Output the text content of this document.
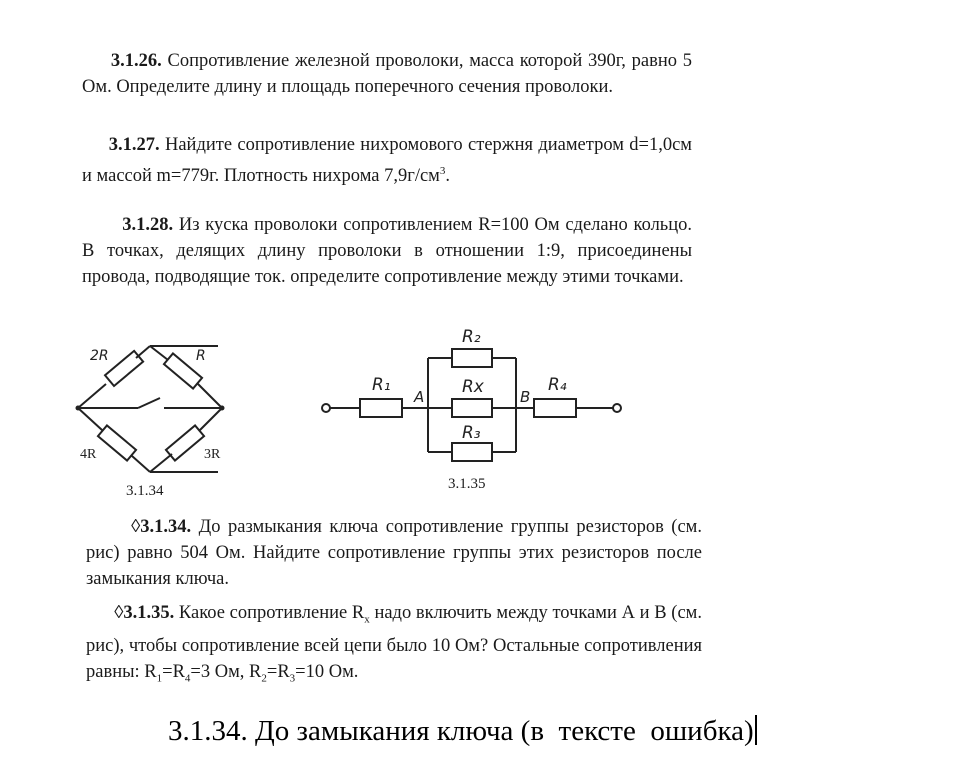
3.1.26. Сопротивление железной проволоки, масса которой 390г, равно 5 Ом. Определите длину и площадь поперечного сечения проволоки.
3.1.27. Найдите сопротивление нихромового стержня диаметром d=1,0см и массой m=779г. Плотность нихрома $7,9г/см^3$.
3.1.28. Из куска проволоки сопротивлением R=100 Ом сделано кольцо. В точках, делящих длину проволоки в отношении 1:9, присоединены провода, подводящие ток. определите сопротивление между этими точками.
2R	R
4R	3R
3.1.34
R₁
R₂
Rx
R₃
R₄
A	B
3.1.35
◊3.1.34. До размыкания ключа сопротивление группы резисторов (см. рис) равно 504 Ом. Найдите сопротивление группы этих резисторов после замыкания ключа.
◊3.1.35. Какое сопротивление $R_x$ надо включить между точками А и В (см. рис), чтобы сопротивление всей цепи было 10 Ом? Остальные сопротивления равны: $R_1=R_4=3$ Ом, $R_2=R_3=10$ Ом.
3.1.34. До замыкания ключа (в  тексте  ошибка)
